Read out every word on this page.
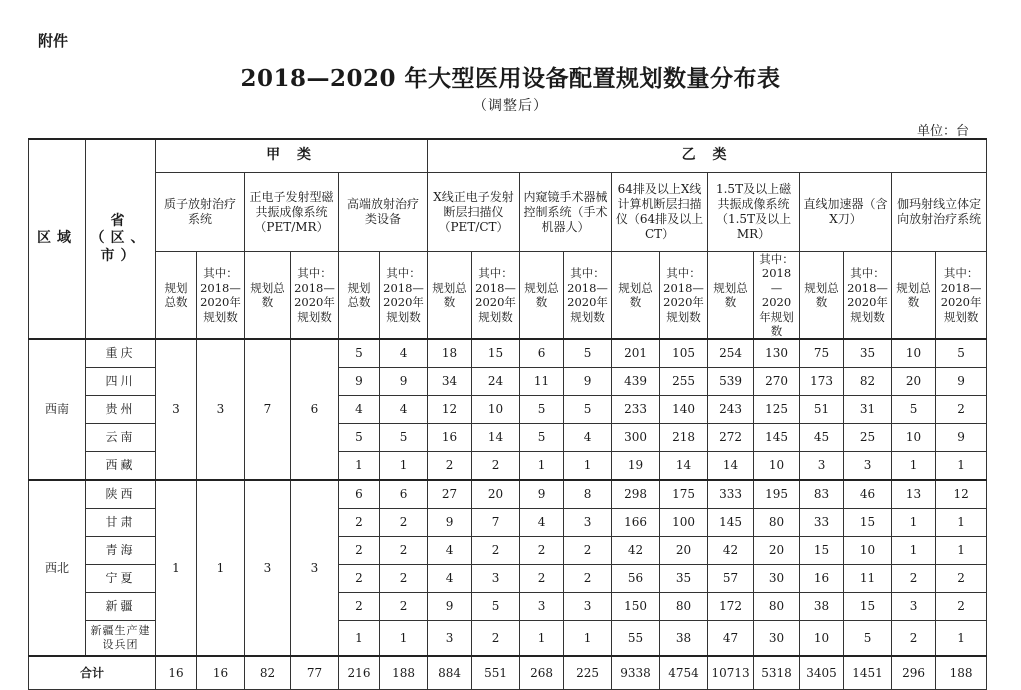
附件
2018—2020 年大型医用设备配置规划数量分布表
（调整后）
单位：台
区域	省（区、市）	甲 类						乙 类											
		质子放射治疗系统		正电子发射型磁共振成像系统（PET/MR）		高端放射治疗类设备		X线正电子发射断层扫描仪（PET/CT）		内窥镜手术器械控制系统（手术机器人）		64排及以上X线计算机断层扫描仪（64排及以上CT）		1.5T及以上磁共振成像系统（1.5T及以上 MR）		直线加速器（含X刀）		伽玛射线立体定向放射治疗系统	
		规划总数	其中：2018—2020年规划数	规划总数	其中：2018—2020年规划数	规划总数	其中：2018—2020年规划数	规划总数	其中：2018—2020年规划数	规划总数	其中：2018—2020年规划数	规划总数	其中：2018—2020年规划数	规划总数	其中：2018—2020年规划数	规划总数	其中：2018—2020年规划数	规划总数	其中：2018—2020年规划数
西南	重庆	3	3	7	6	5	4	18	15	6	5	201	105	254	130	75	35	10	5
	四川					9	9	34	24	11	9	439	255	539	270	173	82	20	9
	贵州					4	4	12	10	5	5	233	140	243	125	51	31	5	2
	云南					5	5	16	14	5	4	300	218	272	145	45	25	10	9
	西藏					1	1	2	2	1	1	19	14	14	10	3	3	1	1
西北	陕西	1	1	3	3	6	6	27	20	9	8	298	175	333	195	83	46	13	12
	甘肃					2	2	9	7	4	3	166	100	145	80	33	15	1	1
	青海					2	2	4	2	2	2	42	20	42	20	15	10	1	1
	宁夏					2	2	4	3	2	2	56	35	57	30	16	11	2	2
	新疆					2	2	9	5	3	3	150	80	172	80	38	15	3	2
	新疆生产建设兵团					1	1	3	2	1	1	55	38	47	30	10	5	2	1
合计		16	16	82	77	216	188	884	551	268	225	9338	4754	10713	5318	3405	1451	296	188
